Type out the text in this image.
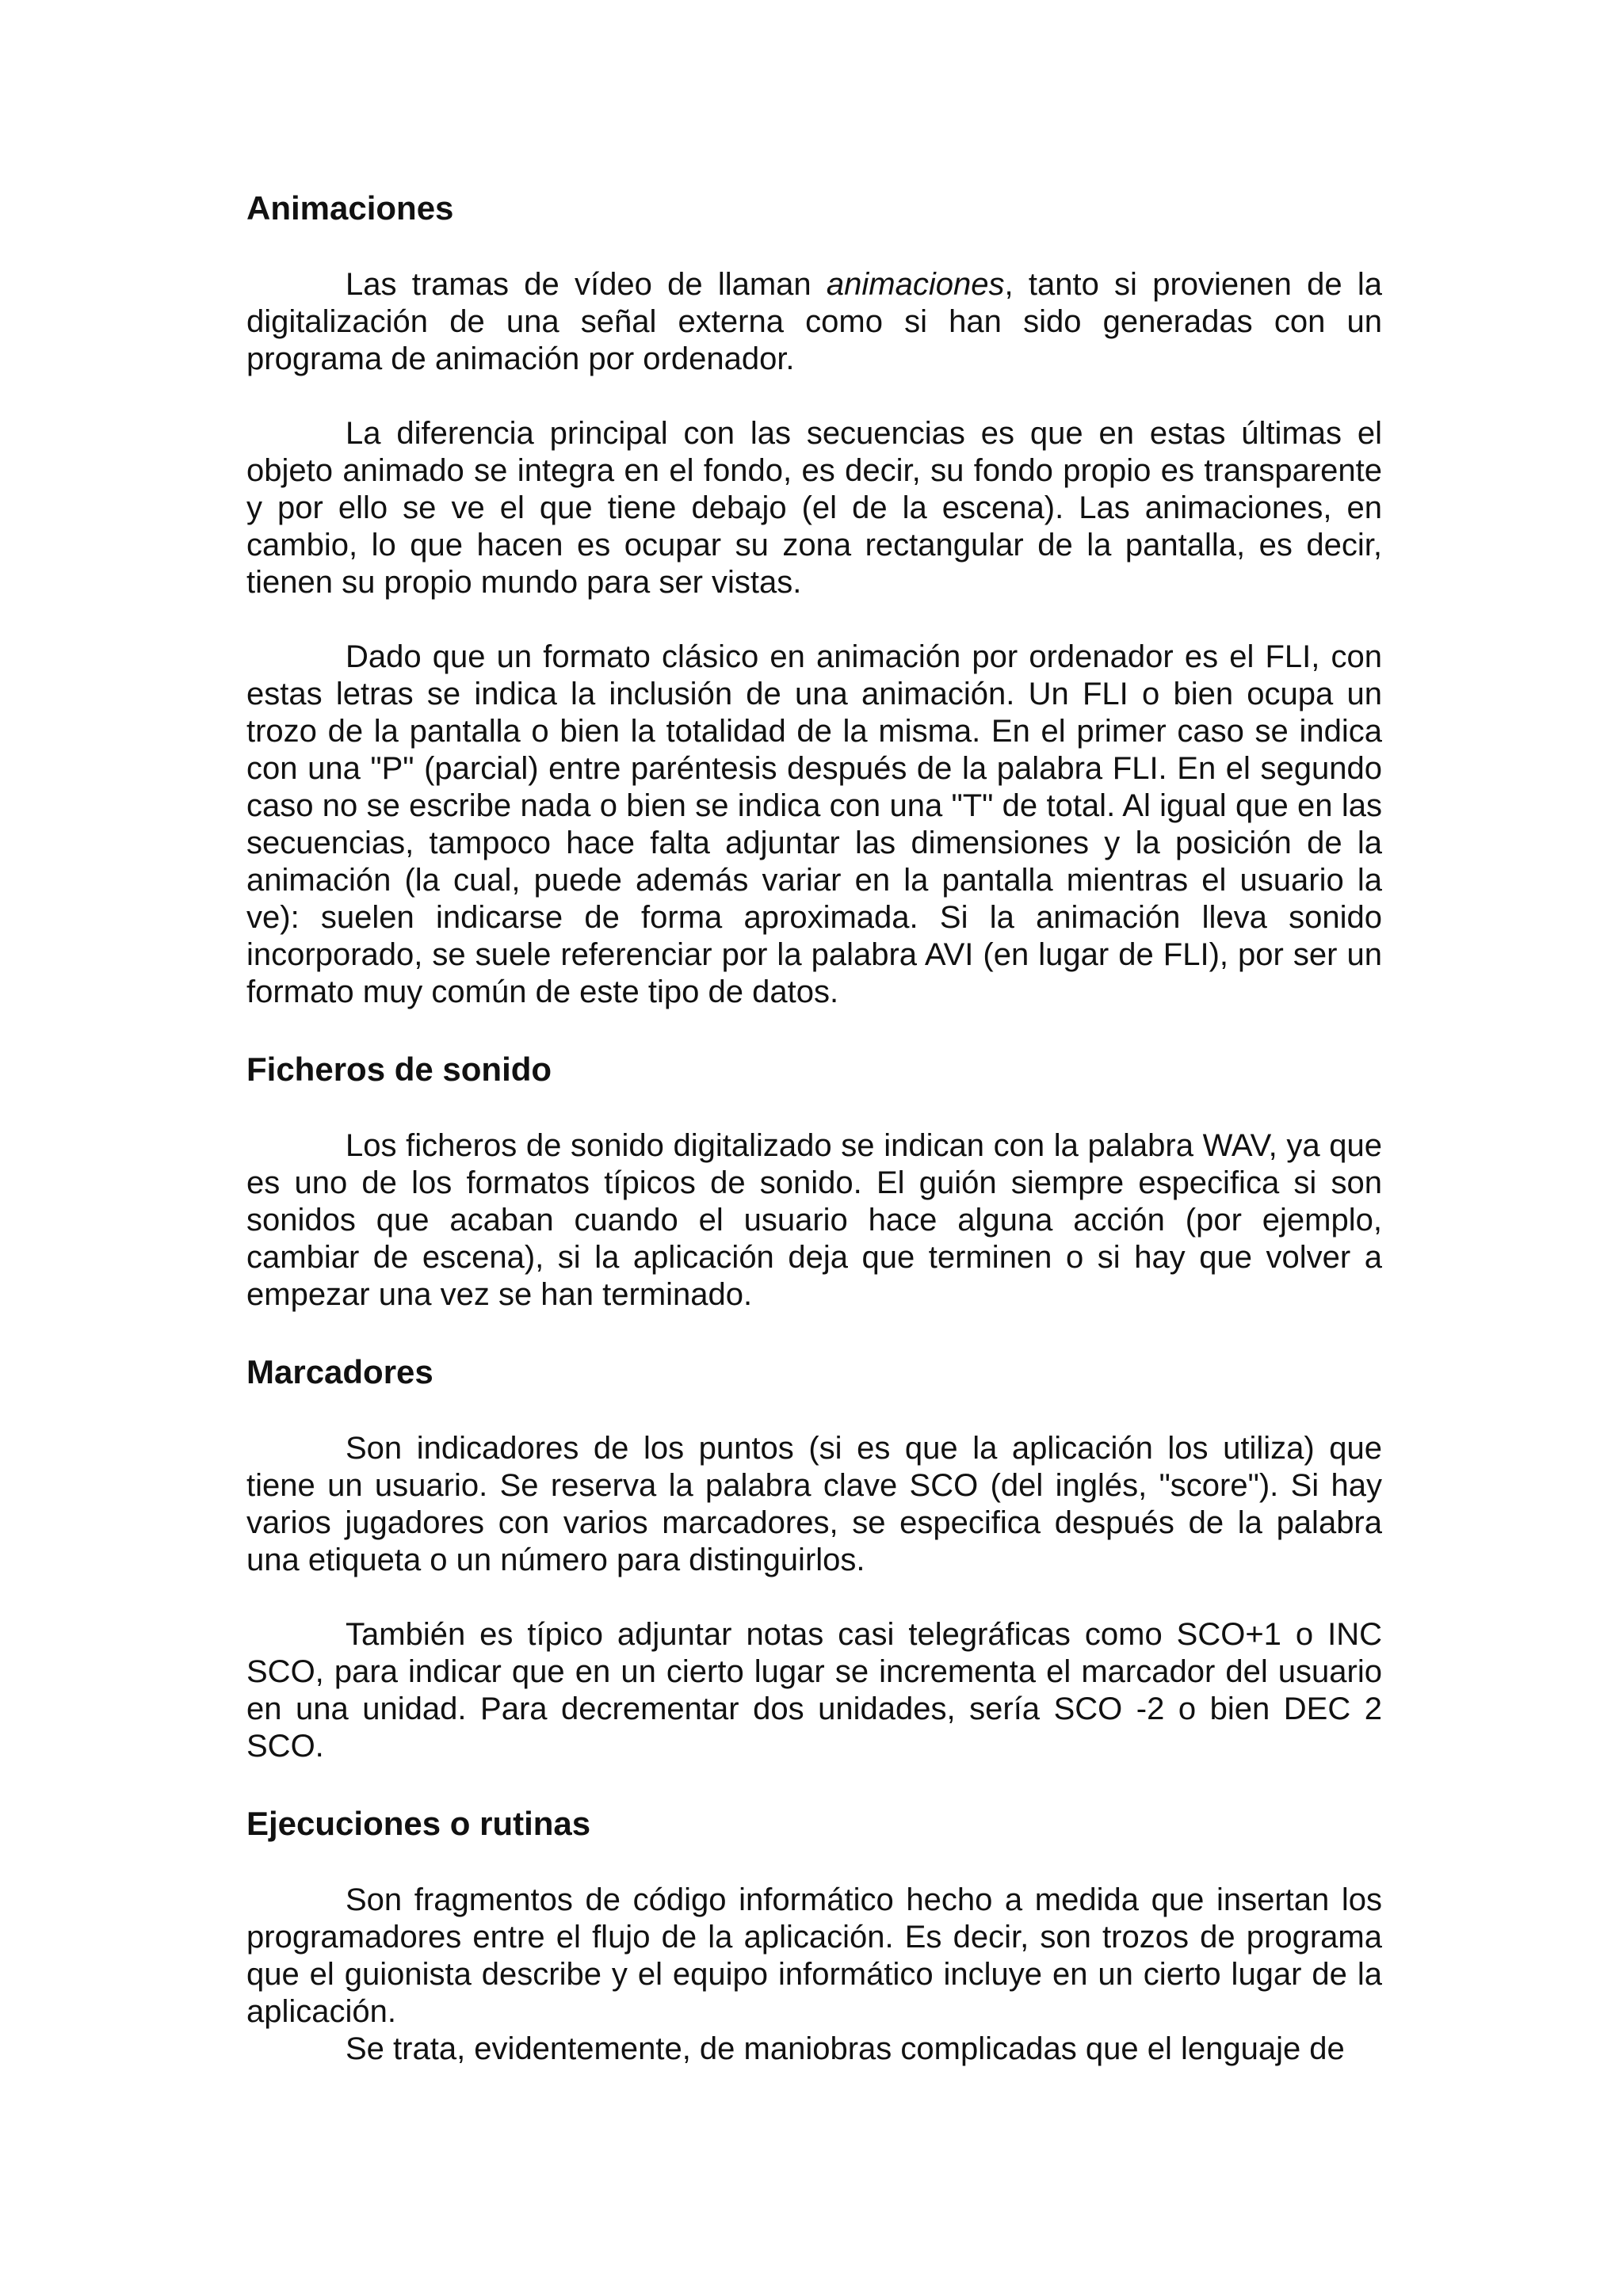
Animaciones

Las tramas de vídeo de llaman animaciones, tanto si provienen de la digitalización de una señal externa como si han sido generadas con un programa de animación por ordenador.

La diferencia principal con las secuencias es que en estas últimas el objeto animado se integra en el fondo, es decir, su fondo propio es transparente y por ello se ve el que tiene debajo (el de la escena). Las animaciones, en cambio, lo que hacen es ocupar su zona rectangular de la pantalla, es decir, tienen su propio mundo para ser vistas.

Dado que un formato clásico en animación por ordenador es el FLI, con estas letras se indica la inclusión de una animación. Un FLI o bien ocupa un trozo de la pantalla o bien la totalidad de la misma. En el primer caso se indica con una "P" (parcial) entre paréntesis después de la palabra FLI. En el segundo caso no se escribe nada o bien se indica con una "T" de total. Al igual que en las secuencias, tampoco hace falta adjuntar las dimensiones y la posición de la animación (la cual, puede además variar en la pantalla mientras el usuario la ve): suelen indicarse de forma aproximada. Si la animación lleva sonido incorporado, se suele referenciar por la palabra AVI (en lugar de FLI), por ser un formato muy común de este tipo de datos.

Ficheros de sonido

Los ficheros de sonido digitalizado se indican con la palabra WAV, ya que es uno de los formatos típicos de sonido. El guión siempre especifica si son sonidos que acaban cuando el usuario hace alguna acción (por ejemplo, cambiar de escena), si la aplicación deja que terminen o si hay que volver a empezar una vez se han terminado.

Marcadores

Son indicadores de los puntos (si es que la aplicación los utiliza) que tiene un usuario. Se reserva la palabra clave SCO (del inglés, "score"). Si hay varios jugadores con varios marcadores, se especifica después de la palabra una etiqueta o un número para distinguirlos.

También es típico adjuntar notas casi telegráficas como SCO+1 o INC SCO, para indicar que en un cierto lugar se incrementa el marcador del usuario en una unidad. Para decrementar dos unidades, sería SCO -2 o bien DEC 2 SCO.

Ejecuciones o rutinas

Son fragmentos de código informático hecho a medida que insertan los programadores entre el flujo de la aplicación. Es decir, son trozos de programa que el guionista describe y el equipo informático incluye en un cierto lugar de la aplicación.

Se trata, evidentemente, de maniobras complicadas que el lenguaje de
